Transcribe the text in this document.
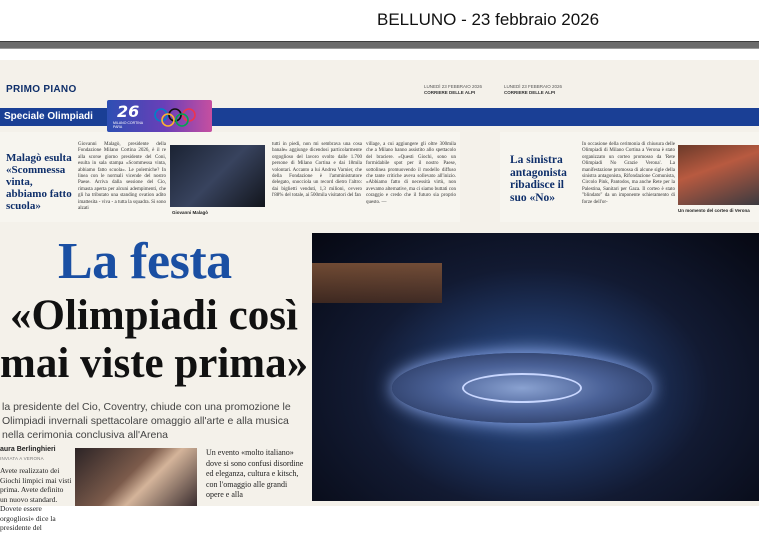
BELLUNO - 23 febbraio 2026
PRIMO PIANO	LUNEDÌ 23 FEBBRAIO 2026
CORRIERE DELLE ALPI
LUNEDÌ 23 FEBBRAIO 2026
CORRIERE DELLE ALPI
Speciale Olimpiadi 26
MILANO CORTINA PARA
Malagò esulta «Scommessa vinta, abbiamo fatto scuola»
Giovanni Malagò, presidente della Fondazione Milano Cortina 2026, è il re alla scorse giorno presidente del Coni, esulta in sala stampa «Scommessa vinta, abbiamo fatto scuola». Le polemiche? In linea con le normali vicende del nostro Paese. Arriva dalla sessione del Cio, rimasta aperta per alcuni adempimenti, che gli ha tributato una standing ovation adito imattesita - viva - a tutta la squadra. Si sono alzati
Giovanni Malagò
tutti in piedi, non mi sembrava una cosa banale» aggiunge dicendosi particolarmente orgoglioso del lavoro svolto dalle 1.700 persone di Milano Cortina e dai 18mila volontari. Accanto a lui Andrea Varnier, che della Fondazione è l'amministratore delegato, snocciola un record dietro l'altro: dai biglietti venduti, 1,3 milioni, ovvero l'88% del totale, ai 500mila visitatori del fan
village, a cui aggiungere gli oltre 300mila che a Milano hanno assistito allo spettacolo del braciere. «Questi Giochi, sono un formidabile spot per il nostro Paese, sottolinea promuovendo il modello diffuso che tante critiche aveva sollevato all'inizio. «Abbiamo fatto di necessità virtù, non avevamo alternative, ma ci siamo buttati con coraggio e credo che il futuro sia proprio questo. —
La sinistra antagonista ribadisce il suo «No»
In occasione della cerimonia di chiusura delle Olimpiadi di Milano Cortina a Verona è stato organizzato un corteo promosso da 'Rete Olimpiadi No Grazie Verona'. La manifestazione promossa di alcune sigle della sinistra antagonista, Rifondazione Comunista, Circolo Pink, Pantodos, ma anche Rete per la Palestina, Sanitari per Gaza. Il corteo è stato "blindato" da un imponente schieramento di forze dell'or-
Un momento del corteo di Verona
La festa
«Olimpiadi così
mai viste prima»
la presidente del Cio, Coventry, chiude con una promozione le Olimpiadi invernali spettacolare omaggio all'arte e alla musica nella cerimonia conclusiva all'Arena
aura Berlinghieri
INVIATA A VERONA
Avete realizzato dei Giochi limpici mai visti prima. Avete definito un nuovo standard. Dovete essere orgogliosi» dice la presidente del
Un evento «molto italiano» dove si sono confusi disordine ed eleganza, cultura e kitsch, con l'omaggio alle grandi opere e alla
